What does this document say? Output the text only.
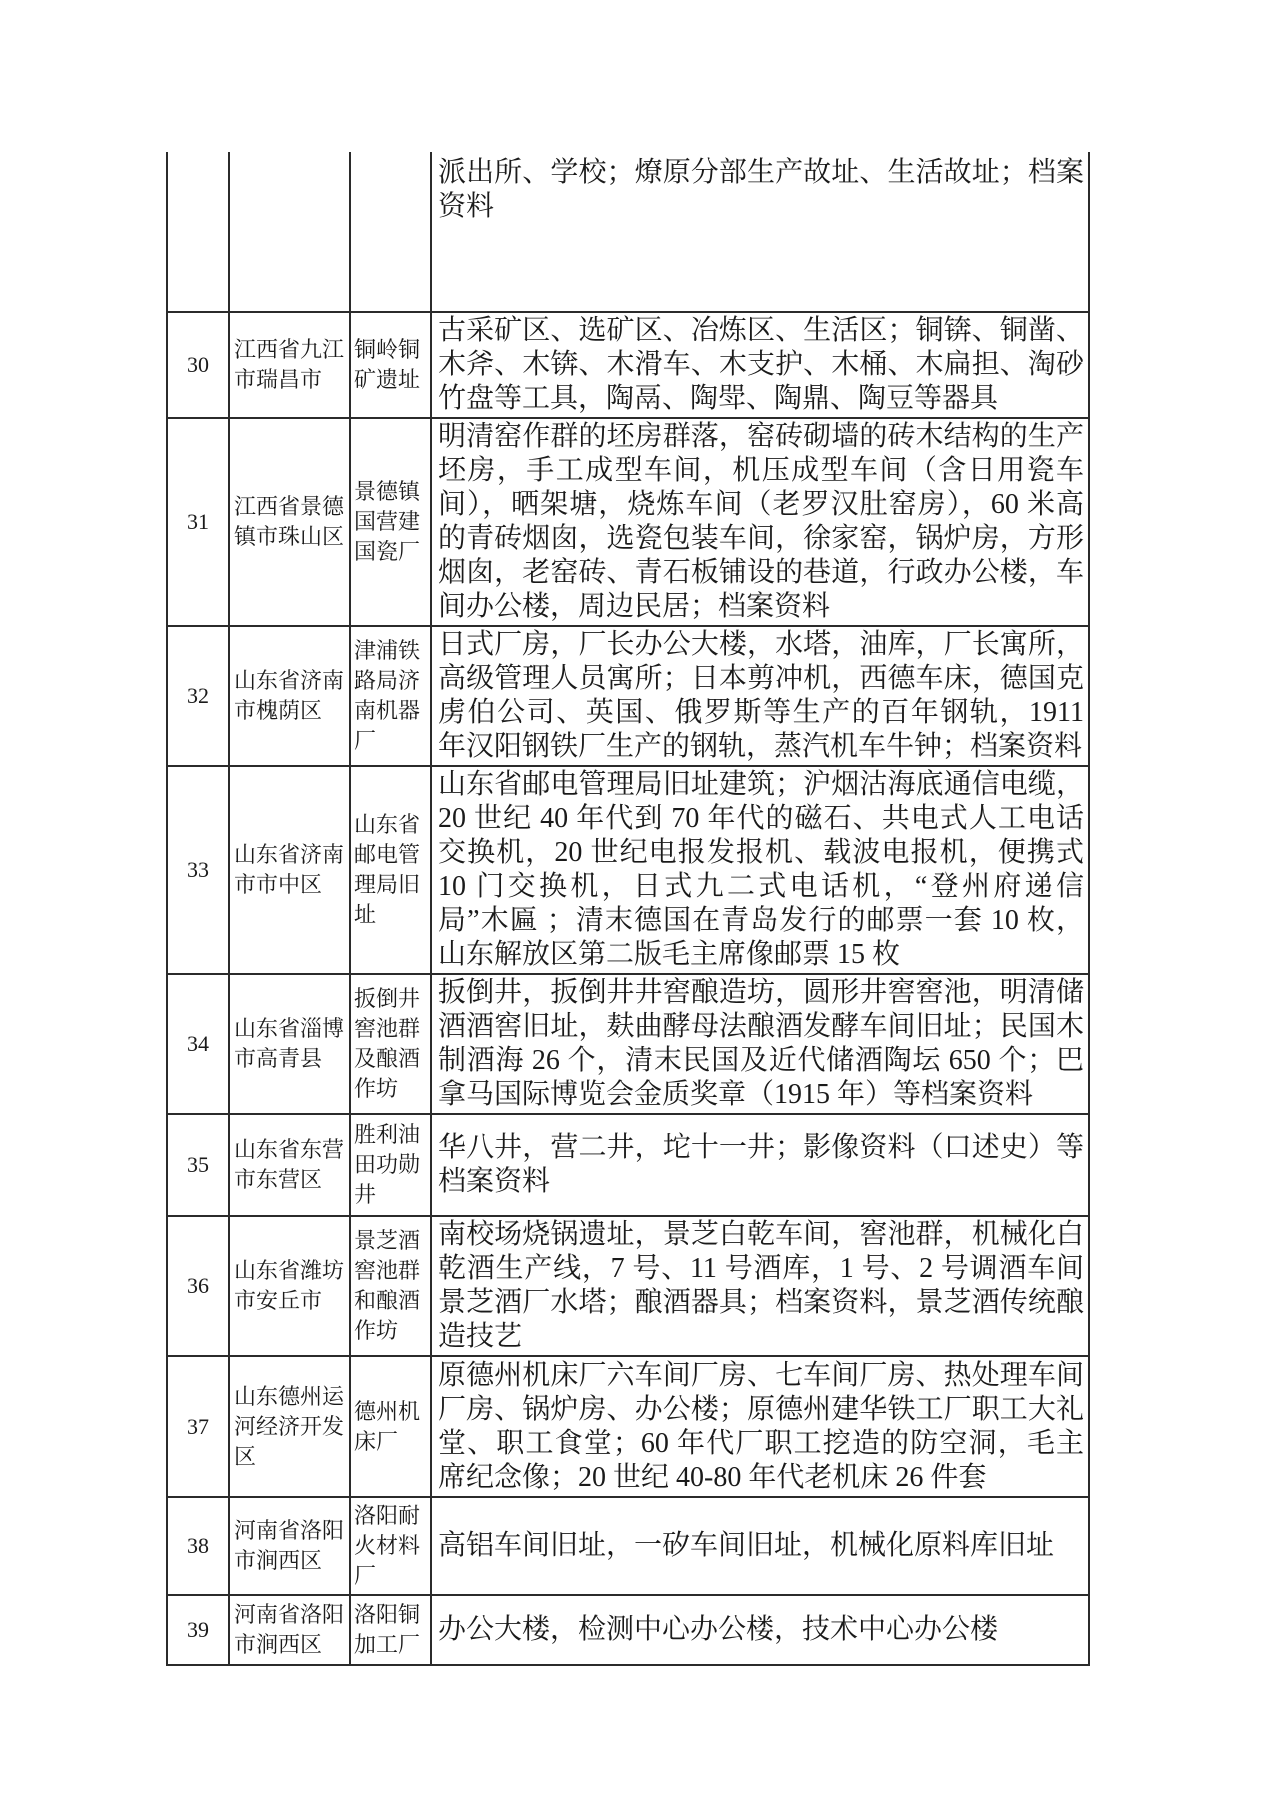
			派出所、学校；燎原分部生产故址、生活故址；档案资料
30	江西省九江市瑞昌市	铜岭铜矿遗址	古采矿区、选矿区、冶炼区、生活区；铜锛、铜凿、木斧、木锛、木滑车、木支护、木桶、木扁担、淘砂竹盘等工具，陶鬲、陶斝、陶鼎、陶豆等器具
31	江西省景德镇市珠山区	景德镇国营建国瓷厂	明清窑作群的坯房群落，窑砖砌墙的砖木结构的生产坯房，手工成型车间，机压成型车间（含日用瓷车间），晒架塘，烧炼车间（老罗汉肚窑房），60 米高的青砖烟囱，选瓷包装车间，徐家窑，锅炉房，方形烟囱，老窑砖、青石板铺设的巷道，行政办公楼，车间办公楼，周边民居；档案资料
32	山东省济南市槐荫区	津浦铁路局济南机器厂	日式厂房，厂长办公大楼，水塔，油库，厂长寓所，高级管理人员寓所；日本剪冲机，西德车床，德国克虏伯公司、英国、俄罗斯等生产的百年钢轨，1911 年汉阳钢铁厂生产的钢轨，蒸汽机车牛钟；档案资料
33	山东省济南市市中区	山东省邮电管理局旧址	山东省邮电管理局旧址建筑；沪烟沽海底通信电缆，20 世纪 40 年代到 70 年代的磁石、共电式人工电话交换机，20 世纪电报发报机、载波电报机，便携式 10 门交换机，日式九二式电话机，“登州府递信局”木匾 ；清末德国在青岛发行的邮票一套 10 枚，山东解放区第二版毛主席像邮票 15 枚
34	山东省淄博市高青县	扳倒井窖池群及酿酒作坊	扳倒井，扳倒井井窖酿造坊，圆形井窖窖池，明清储酒酒窖旧址，麸曲酵母法酿酒发酵车间旧址；民国木制酒海 26 个，清末民国及近代储酒陶坛 650 个；巴拿马国际博览会金质奖章（1915 年）等档案资料
35	山东省东营市东营区	胜利油田功勋井	华八井，营二井，坨十一井；影像资料（口述史）等档案资料
36	山东省潍坊市安丘市	景芝酒窖池群和酿酒作坊	南校场烧锅遗址，景芝白乾车间，窖池群，机械化白乾酒生产线，7 号、11 号酒库，1 号、2 号调酒车间景芝酒厂水塔；酿酒器具；档案资料，景芝酒传统酿造技艺
37	山东德州运河经济开发区	德州机床厂	原德州机床厂六车间厂房、七车间厂房、热处理车间厂房、锅炉房、办公楼；原德州建华铁工厂职工大礼堂、职工食堂；60 年代厂职工挖造的防空洞，毛主席纪念像；20 世纪 40-80 年代老机床 26 件套
38	河南省洛阳市涧西区	洛阳耐火材料厂	高铝车间旧址，一矽车间旧址，机械化原料库旧址
39	河南省洛阳市涧西区	洛阳铜加工厂	办公大楼，检测中心办公楼，技术中心办公楼
